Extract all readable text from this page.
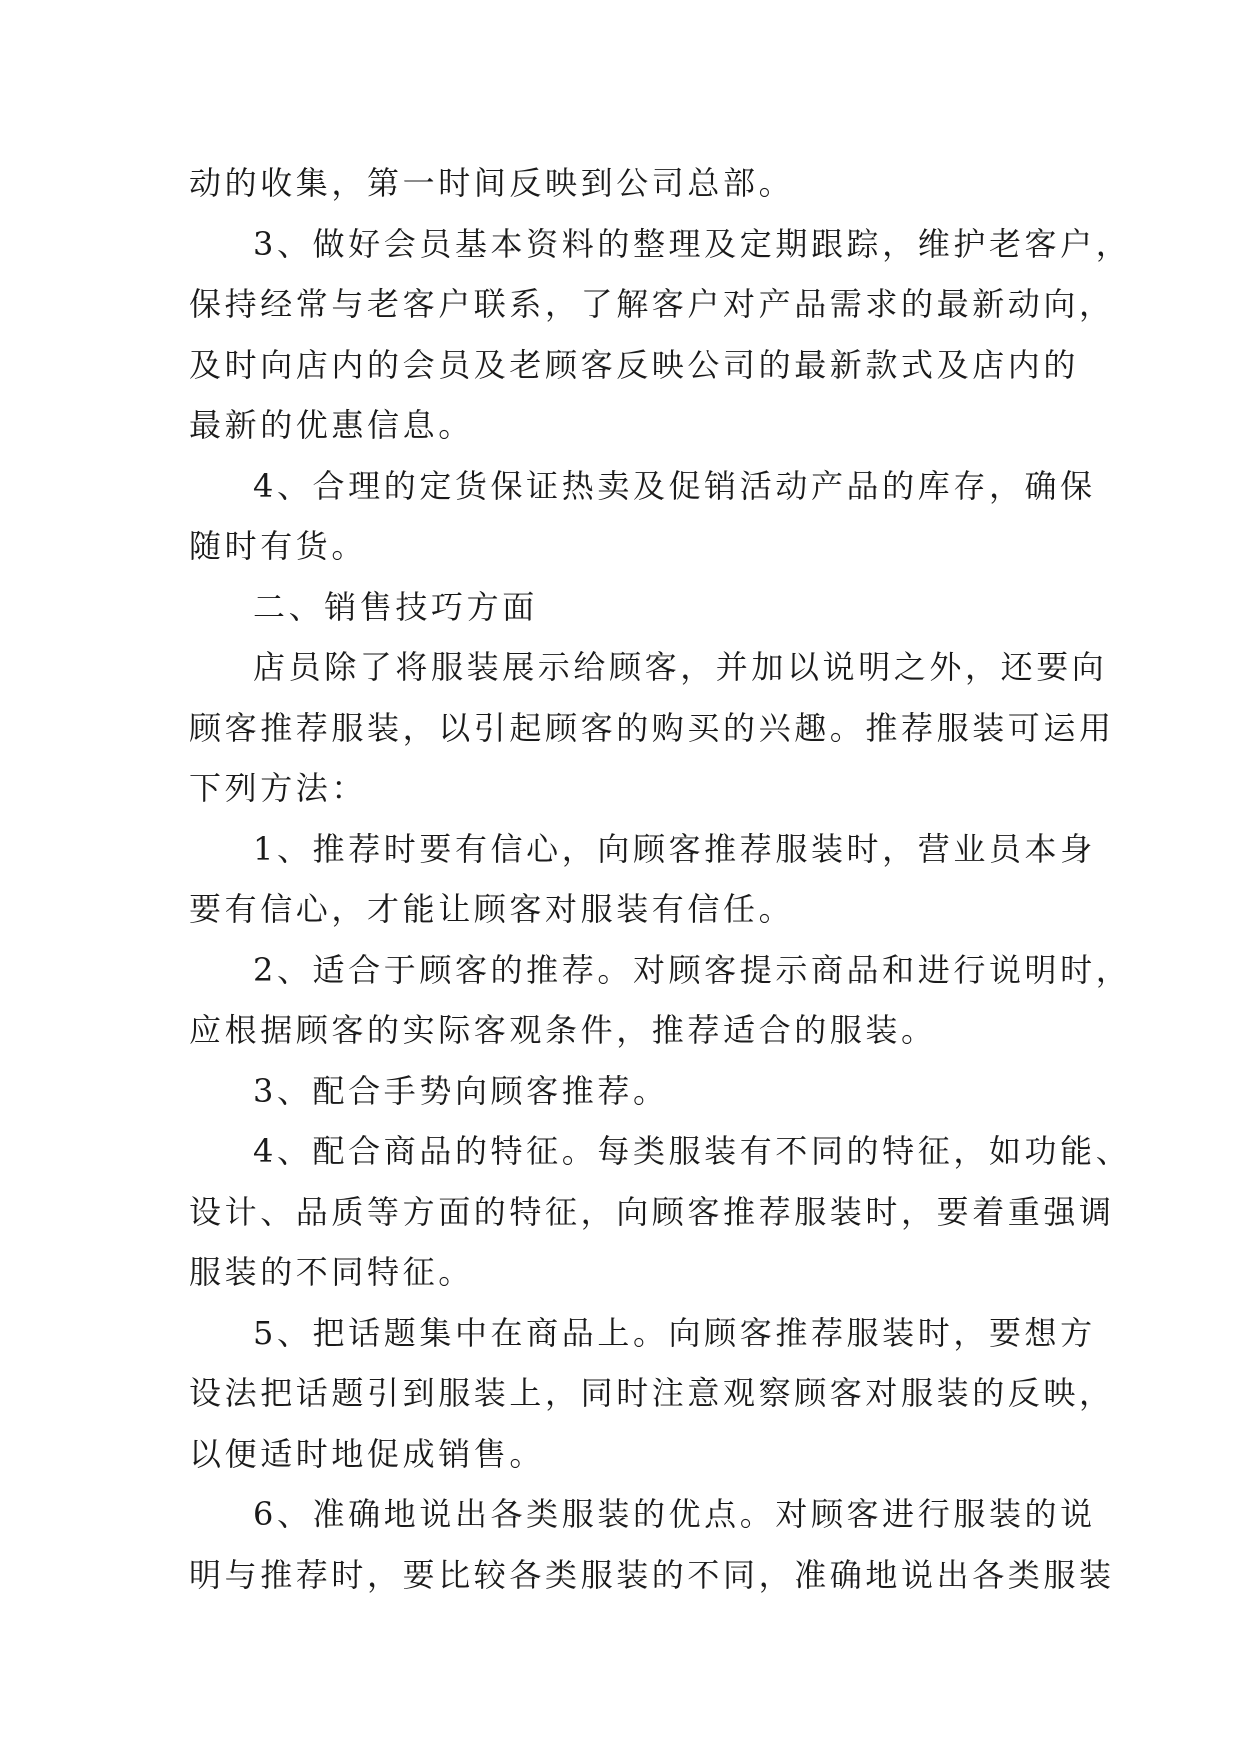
动的收集，第一时间反映到公司总部。
3、做好会员基本资料的整理及定期跟踪，维护老客户，
保持经常与老客户联系，了解客户对产品需求的最新动向，
及时向店内的会员及老顾客反映公司的最新款式及店内的
最新的优惠信息。
4、合理的定货保证热卖及促销活动产品的库存，确保
随时有货。
二、销售技巧方面
店员除了将服装展示给顾客，并加以说明之外，还要向
顾客推荐服装，以引起顾客的购买的兴趣。推荐服装可运用
下列方法：
1、推荐时要有信心，向顾客推荐服装时，营业员本身
要有信心，才能让顾客对服装有信任。
2、适合于顾客的推荐。对顾客提示商品和进行说明时，
应根据顾客的实际客观条件，推荐适合的服装。
3、配合手势向顾客推荐。
4、配合商品的特征。每类服装有不同的特征，如功能、
设计、品质等方面的特征，向顾客推荐服装时，要着重强调
服装的不同特征。
5、把话题集中在商品上。向顾客推荐服装时，要想方
设法把话题引到服装上，同时注意观察顾客对服装的反映，
以便适时地促成销售。
6、准确地说出各类服装的优点。对顾客进行服装的说
明与推荐时，要比较各类服装的不同，准确地说出各类服装
